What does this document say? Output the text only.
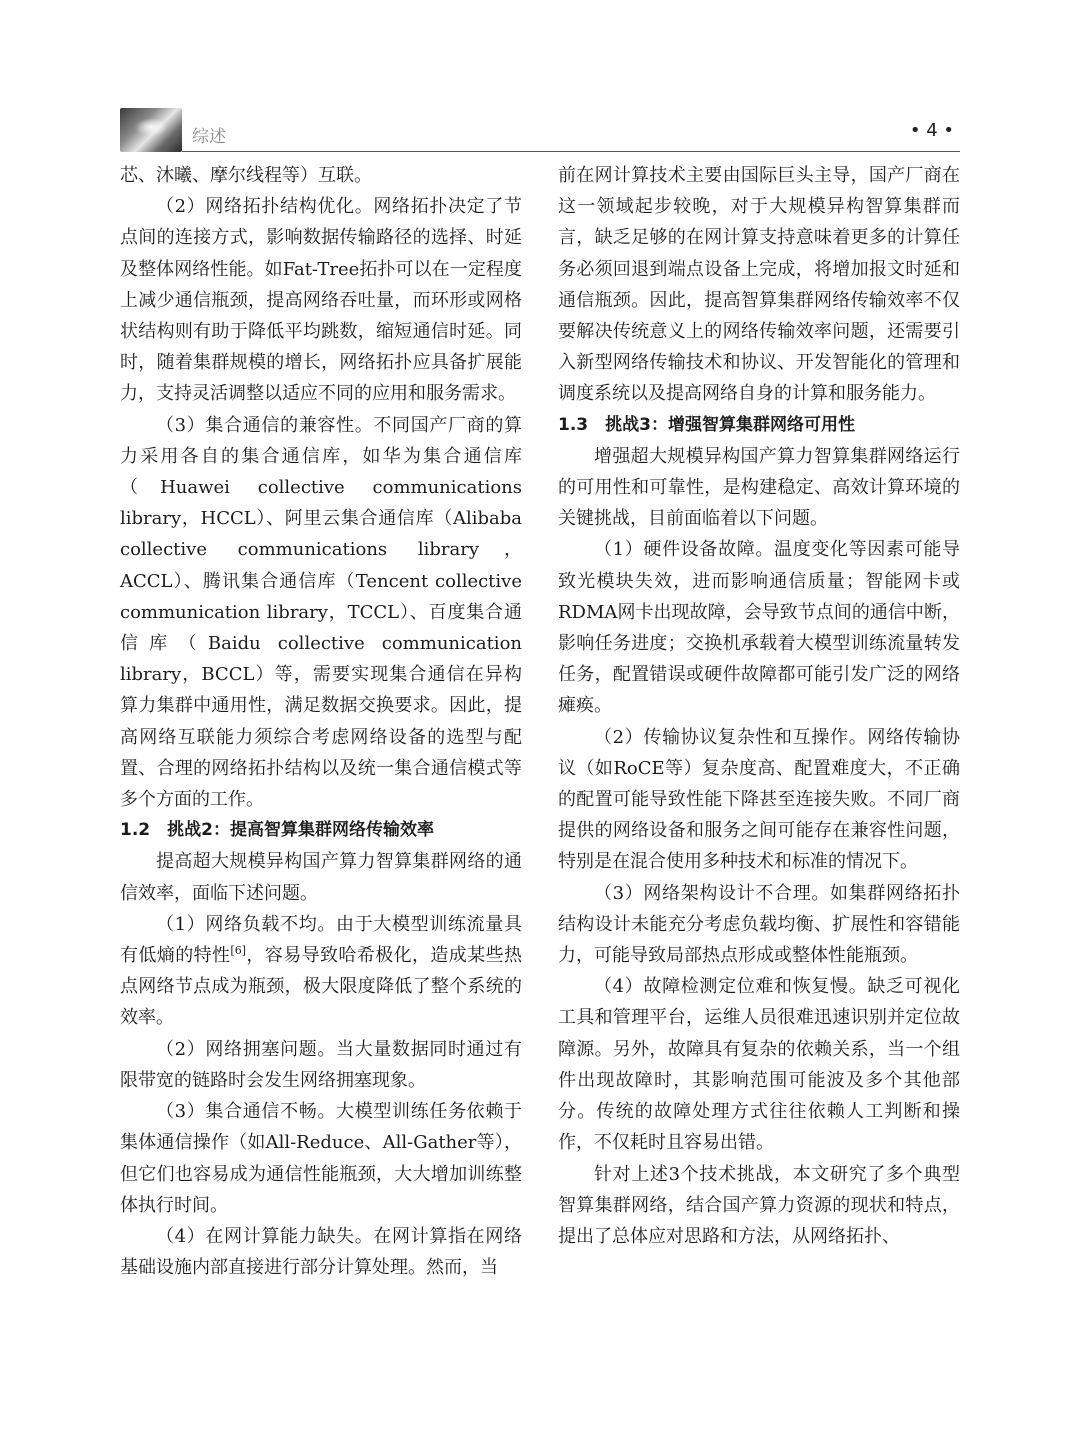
综述	• 4 •

芯、沐曦、摩尔线程等）互联。

（2）网络拓扑结构优化。网络拓扑决定了节点间的连接方式，影响数据传输路径的选择、时延及整体网络性能。如Fat-Tree拓扑可以在一定程度上减少通信瓶颈，提高网络吞吐量，而环形或网格状结构则有助于降低平均跳数，缩短通信时延。同时，随着集群规模的增长，网络拓扑应具备扩展能力，支持灵活调整以适应不同的应用和服务需求。

（3）集合通信的兼容性。不同国产厂商的算力采用各自的集合通信库，如华为集合通信库（Huawei collective communications library，HCCL）、阿里云集合通信库（Alibaba collective communications library，ACCL）、腾讯集合通信库（Tencent collective communication library，TCCL）、百度集合通信库（Baidu collective communication library，BCCL）等，需要实现集合通信在异构算力集群中通用性，满足数据交换要求。因此，提高网络互联能力须综合考虑网络设备的选型与配置、合理的网络拓扑结构以及统一集合通信模式等多个方面的工作。

1.2　挑战2：提高智算集群网络传输效率

提高超大规模异构国产算力智算集群网络的通信效率，面临下述问题。

（1）网络负载不均。由于大模型训练流量具有低熵的特性[6]，容易导致哈希极化，造成某些热点网络节点成为瓶颈，极大限度降低了整个系统的效率。

（2）网络拥塞问题。当大量数据同时通过有限带宽的链路时会发生网络拥塞现象。

（3）集合通信不畅。大模型训练任务依赖于集体通信操作（如All-Reduce、All-Gather等），但它们也容易成为通信性能瓶颈，大大增加训练整体执行时间。

（4）在网计算能力缺失。在网计算指在网络基础设施内部直接进行部分计算处理。然而，当

前在网计算技术主要由国际巨头主导，国产厂商在这一领域起步较晚，对于大规模异构智算集群而言，缺乏足够的在网计算支持意味着更多的计算任务必须回退到端点设备上完成，将增加报文时延和通信瓶颈。因此，提高智算集群网络传输效率不仅要解决传统意义上的网络传输效率问题，还需要引入新型网络传输技术和协议、开发智能化的管理和调度系统以及提高网络自身的计算和服务能力。

1.3　挑战3：增强智算集群网络可用性

增强超大规模异构国产算力智算集群网络运行的可用性和可靠性，是构建稳定、高效计算环境的关键挑战，目前面临着以下问题。

（1）硬件设备故障。温度变化等因素可能导致光模块失效，进而影响通信质量；智能网卡或RDMA网卡出现故障，会导致节点间的通信中断，影响任务进度；交换机承载着大模型训练流量转发任务，配置错误或硬件故障都可能引发广泛的网络瘫痪。

（2）传输协议复杂性和互操作。网络传输协议（如RoCE等）复杂度高、配置难度大，不正确的配置可能导致性能下降甚至连接失败。不同厂商提供的网络设备和服务之间可能存在兼容性问题，特别是在混合使用多种技术和标准的情况下。

（3）网络架构设计不合理。如集群网络拓扑结构设计未能充分考虑负载均衡、扩展性和容错能力，可能导致局部热点形成或整体性能瓶颈。

（4）故障检测定位难和恢复慢。缺乏可视化工具和管理平台，运维人员很难迅速识别并定位故障源。另外，故障具有复杂的依赖关系，当一个组件出现故障时，其影响范围可能波及多个其他部分。传统的故障处理方式往往依赖人工判断和操作，不仅耗时且容易出错。

针对上述3个技术挑战，本文研究了多个典型智算集群网络，结合国产算力资源的现状和特点，提出了总体应对思路和方法，从网络拓扑、
